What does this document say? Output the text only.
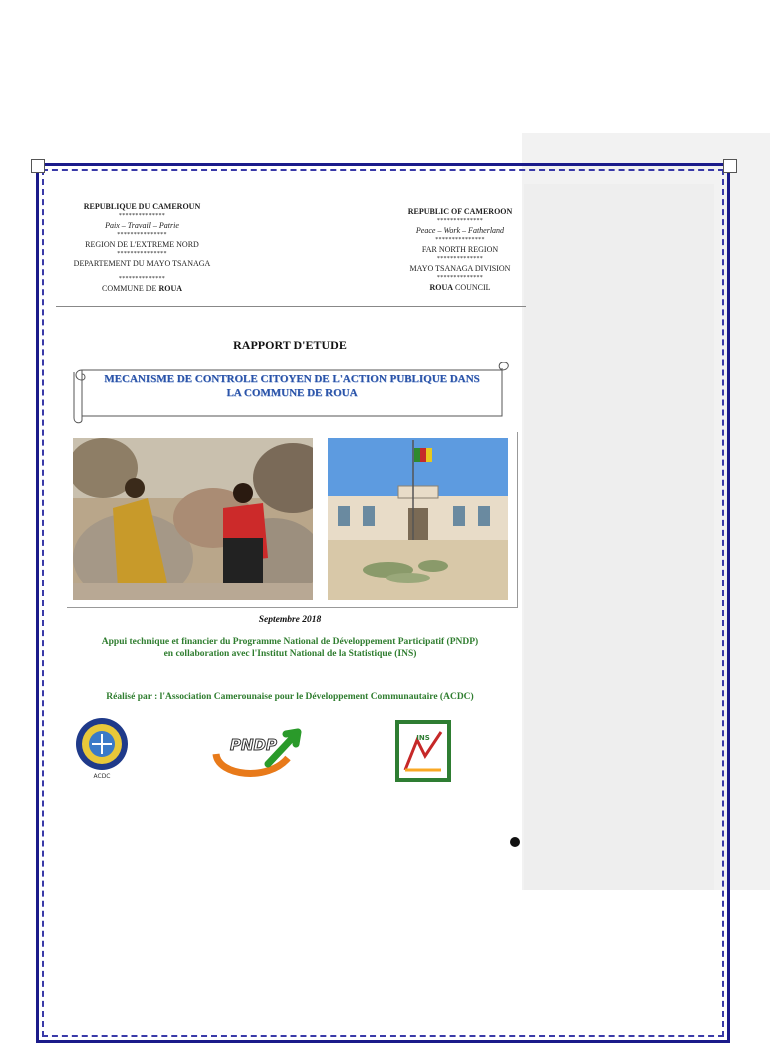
REPUBLIQUE DU CAMEROUN
**************
Paix – Travail – Patrie
***************
REGION DE L'EXTREME NORD
***************
DEPARTEMENT DU MAYO TSANAGA
**************
COMMUNE DE ROUA
REPUBLIC OF CAMEROON
**************
Peace – Work – Fatherland
***************
FAR NORTH REGION
**************
MAYO TSANAGA DIVISION
**************
ROUA COUNCIL
RAPPORT D'ETUDE
MECANISME DE CONTROLE CITOYEN DE L'ACTION PUBLIQUE DANS
LA COMMUNE DE ROUA
Septembre 2018
Appui technique et financier du Programme National de Développement Participatif (PNDP)
en collaboration avec l'Institut National de la Statistique (INS)
Réalisé par : l'Association Camerounaise pour le Développement Communautaire (ACDC)
ACDC
PNDP	INS
